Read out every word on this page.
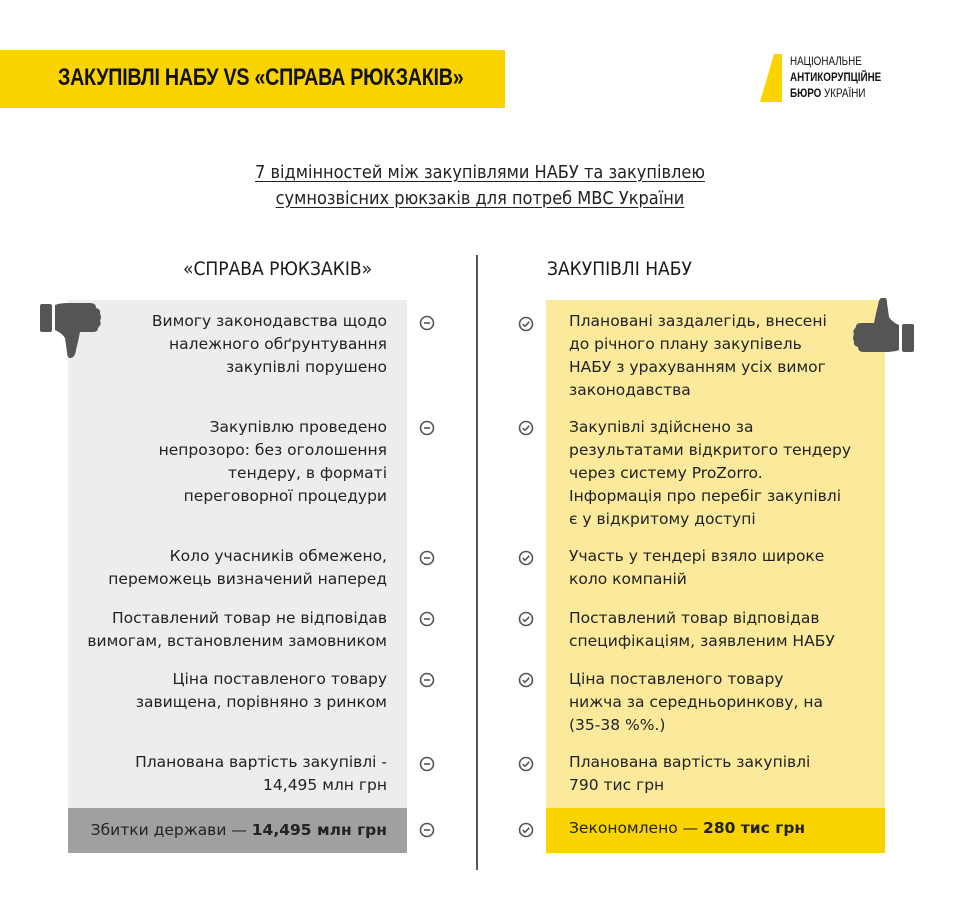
ЗАКУПІВЛІ НАБУ VS «СПРАВА РЮКЗАКІВ»
НАЦІОНАЛЬНЕ
АНТИКОРУПЦІЙНЕ
БЮРО УКРАЇНИ
7 відмінностей між закупівлями НАБУ та закупівлею
сумнозвісних рюкзаків для потреб МВС України
«СПРАВА РЮКЗАКІВ»	ЗАКУПІВЛІ НАБУ
Вимогу законодавства щодо
належного обґрунтування
закупівлі порушено
Закупівлю проведено
непрозоро: без оголошення
тендеру, в форматі
переговорної процедури
Коло учасників обмежено,
переможець визначений наперед
Поставлений товар не відповідав
вимогам, встановленим замовником
Ціна поставленого товару
завищена, порівняно з ринком
Планована вартість закупівлі -
14,495 млн грн
Збитки держави — 14,495 млн грн
Плановані заздалегідь, внесені
до річного плану закупівель
НАБУ з урахуванням усіх вимог
законодавства
Закупівлі здійснено за
результатами відкритого тендеру
через систему ProZorro.
Інформація про перебіг закупівлі
є у відкритому доступі
Участь у тендері взяло широке
коло компаній
Поставлений товар відповідав
специфікаціям, заявленим НАБУ
Ціна поставленого товару
нижча за середньоринкову, на
(35-38 %%.)
Планована вартість закупівлі
790 тис грн
Зекономлено — 280 тис грн
